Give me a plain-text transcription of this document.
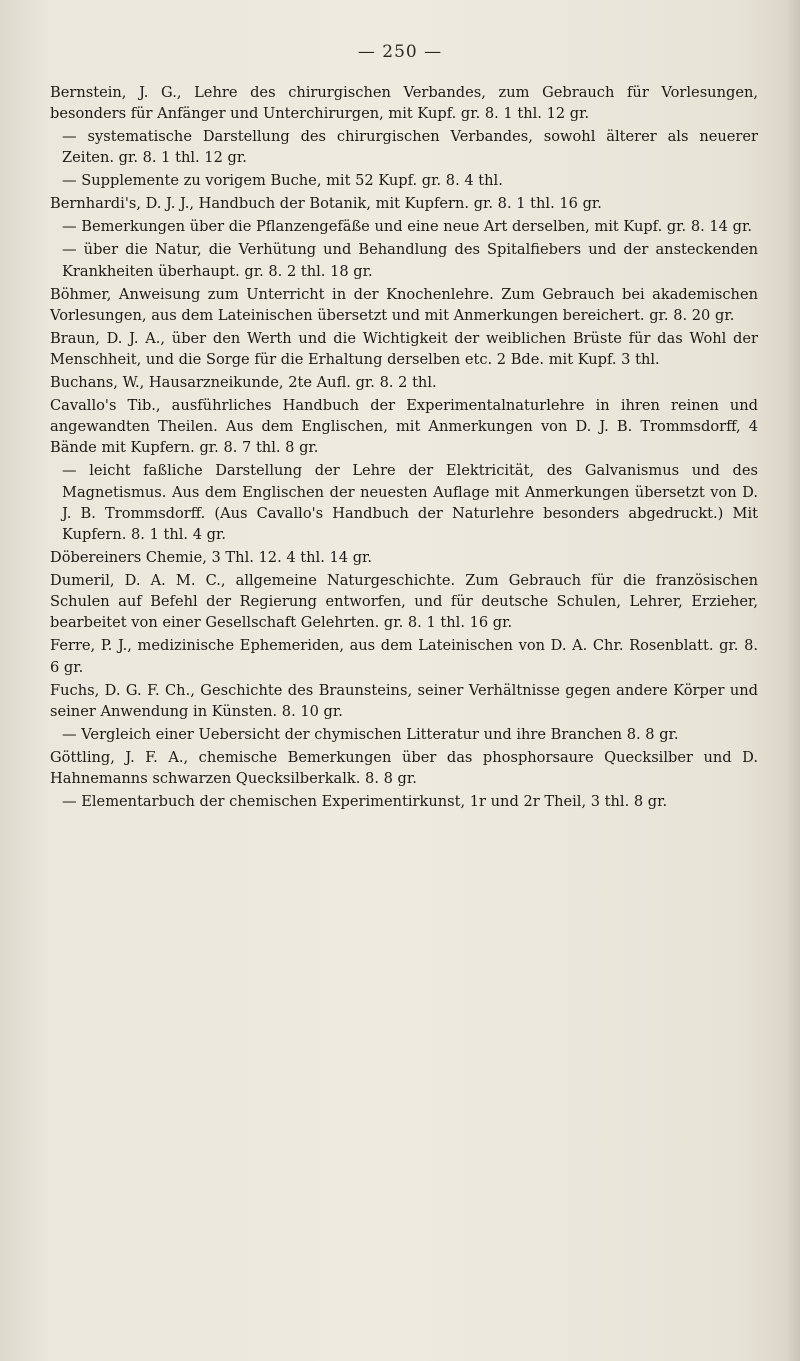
— 250 —

Bernstein, J. G., Lehre des chirurgischen Verbandes, zum Gebrauch für Vorlesungen, besonders für Anfänger und Unterchirurgen, mit Kupf. gr. 8. 1 thl. 12 gr.

— systematische Darstellung des chirurgischen Verbandes, sowohl älterer als neuerer Zeiten. gr. 8. 1 thl. 12 gr.

— Supplemente zu vorigem Buche, mit 52 Kupf. gr. 8. 4 thl.

Bernhardi's, D. J. J., Handbuch der Botanik, mit Kupfern. gr. 8. 1 thl. 16 gr.

— Bemerkungen über die Pflanzengefäße und eine neue Art derselben, mit Kupf. gr. 8. 14 gr.

— über die Natur, die Verhütung und Behandlung des Spitalfiebers und der ansteckenden Krankheiten überhaupt. gr. 8. 2 thl. 18 gr.

Böhmer, Anweisung zum Unterricht in der Knochenlehre. Zum Gebrauch bei akademischen Vorlesungen, aus dem Lateinischen übersetzt und mit Anmerkungen bereichert. gr. 8. 20 gr.

Braun, D. J. A., über den Werth und die Wichtigkeit der weiblichen Brüste für das Wohl der Menschheit, und die Sorge für die Erhaltung derselben etc. 2 Bde. mit Kupf. 3 thl.

Buchans, W., Hausarzneikunde, 2te Aufl. gr. 8. 2 thl.

Cavallo's Tib., ausführliches Handbuch der Experimentalnaturlehre in ihren reinen und angewandten Theilen. Aus dem Englischen, mit Anmerkungen von D. J. B. Trommsdorff, 4 Bände mit Kupfern. gr. 8. 7 thl. 8 gr.

— leicht faßliche Darstellung der Lehre der Elektricität, des Galvanismus und des Magnetismus. Aus dem Englischen der neuesten Auflage mit Anmerkungen übersetzt von D. J. B. Trommsdorff. (Aus Cavallo's Handbuch der Naturlehre besonders abgedruckt.) Mit Kupfern. 8. 1 thl. 4 gr.

Döbereiners Chemie, 3 Thl. 12. 4 thl. 14 gr.

Dumeril, D. A. M. C., allgemeine Naturgeschichte. Zum Gebrauch für die französischen Schulen auf Befehl der Regierung entworfen, und für deutsche Schulen, Lehrer, Erzieher, bearbeitet von einer Gesellschaft Gelehrten. gr. 8. 1 thl. 16 gr.

Ferre, P. J., medizinische Ephemeriden, aus dem Lateinischen von D. A. Chr. Rosenblatt. gr. 8. 6 gr.

Fuchs, D. G. F. Ch., Geschichte des Braunsteins, seiner Verhältnisse gegen andere Körper und seiner Anwendung in Künsten. 8. 10 gr.

— Vergleich einer Uebersicht der chymischen Litteratur und ihre Branchen 8. 8 gr.

Göttling, J. F. A., chemische Bemerkungen über das phosphorsaure Quecksilber und D. Hahnemanns schwarzen Quecksilberkalk. 8. 8 gr.

— Elementarbuch der chemischen Experimentirkunst, 1r und 2r Theil, 3 thl. 8 gr.
